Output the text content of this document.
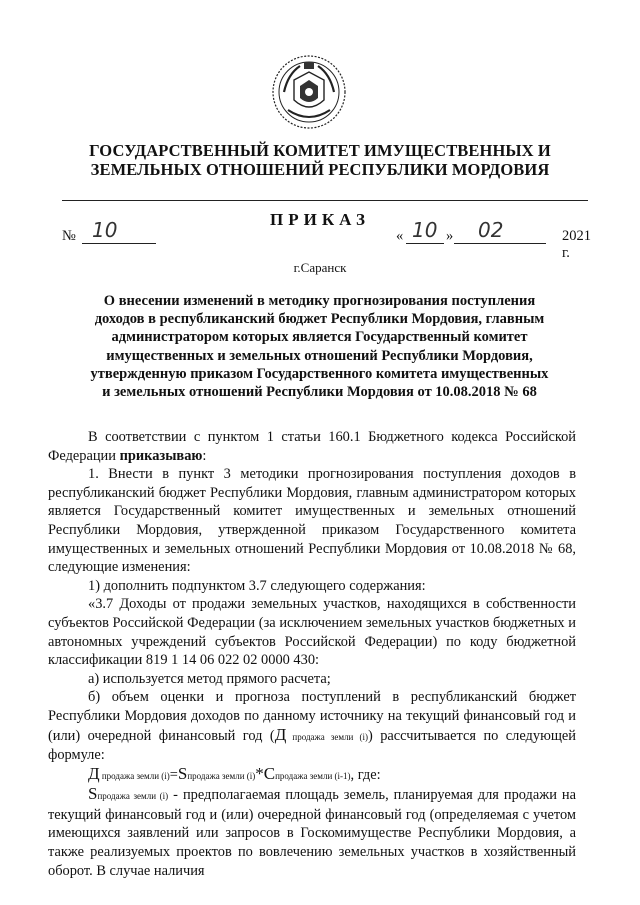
ГОСУДАРСТВЕННЫЙ КОМИТЕТ ИМУЩЕСТВЕННЫХ И
ЗЕМЕЛЬНЫХ ОТНОШЕНИЙ РЕСПУБЛИКИ МОРДОВИЯ
ПРИКАЗ
№ 10	« 10 » 02	2021 г.
г.Саранск
О внесении изменений в методику прогнозирования поступления
доходов в республиканский бюджет Республики Мордовия, главным
администратором которых является Государственный комитет
имущественных и земельных отношений Республики Мордовия,
утвержденную приказом Государственного комитета имущественных
и земельных отношений Республики Мордовия от 10.08.2018 № 68

В соответствии с пунктом 1 статьи 160.1 Бюджетного кодекса Российской Федерации приказываю:

1. Внести в пункт 3 методики прогнозирования поступления доходов в республиканский бюджет Республики Мордовия, главным администратором которых является Государственный комитет имущественных и земельных отношений Республики Мордовия, утвержденной приказом Государственного комитета имущественных и земельных отношений Республики Мордовия от 10.08.2018 № 68, следующие изменения:

1) дополнить подпунктом 3.7 следующего содержания:

«3.7 Доходы от продажи земельных участков, находящихся в собственности субъектов Российской Федерации (за исключением земельных участков бюджетных и автономных учреждений субъектов Российской Федерации) по коду бюджетной классификации 819 1 14 06 022 02 0000 430:

а) используется метод прямого расчета;

б) объем оценки и прогноза поступлений в республиканский бюджет Республики Мордовия доходов по данному источнику на текущий финансовый год и (или) очередной финансовый год (Д продажа земли (i)) рассчитывается по следующей формуле:

Д продажа земли (i)=Sпродажа земли (i)*Cпродажа земли (i-1), где:

Sпродажа земли (i) - предполагаемая площадь земель, планируемая для продажи на текущий финансовый год и (или) очередной финансовый год (определяемая с учетом имеющихся заявлений или запросов в Госкомимуществе Республики Мордовия, а также реализуемых проектов по вовлечению земельных участков в хозяйственный оборот. В случае наличия
